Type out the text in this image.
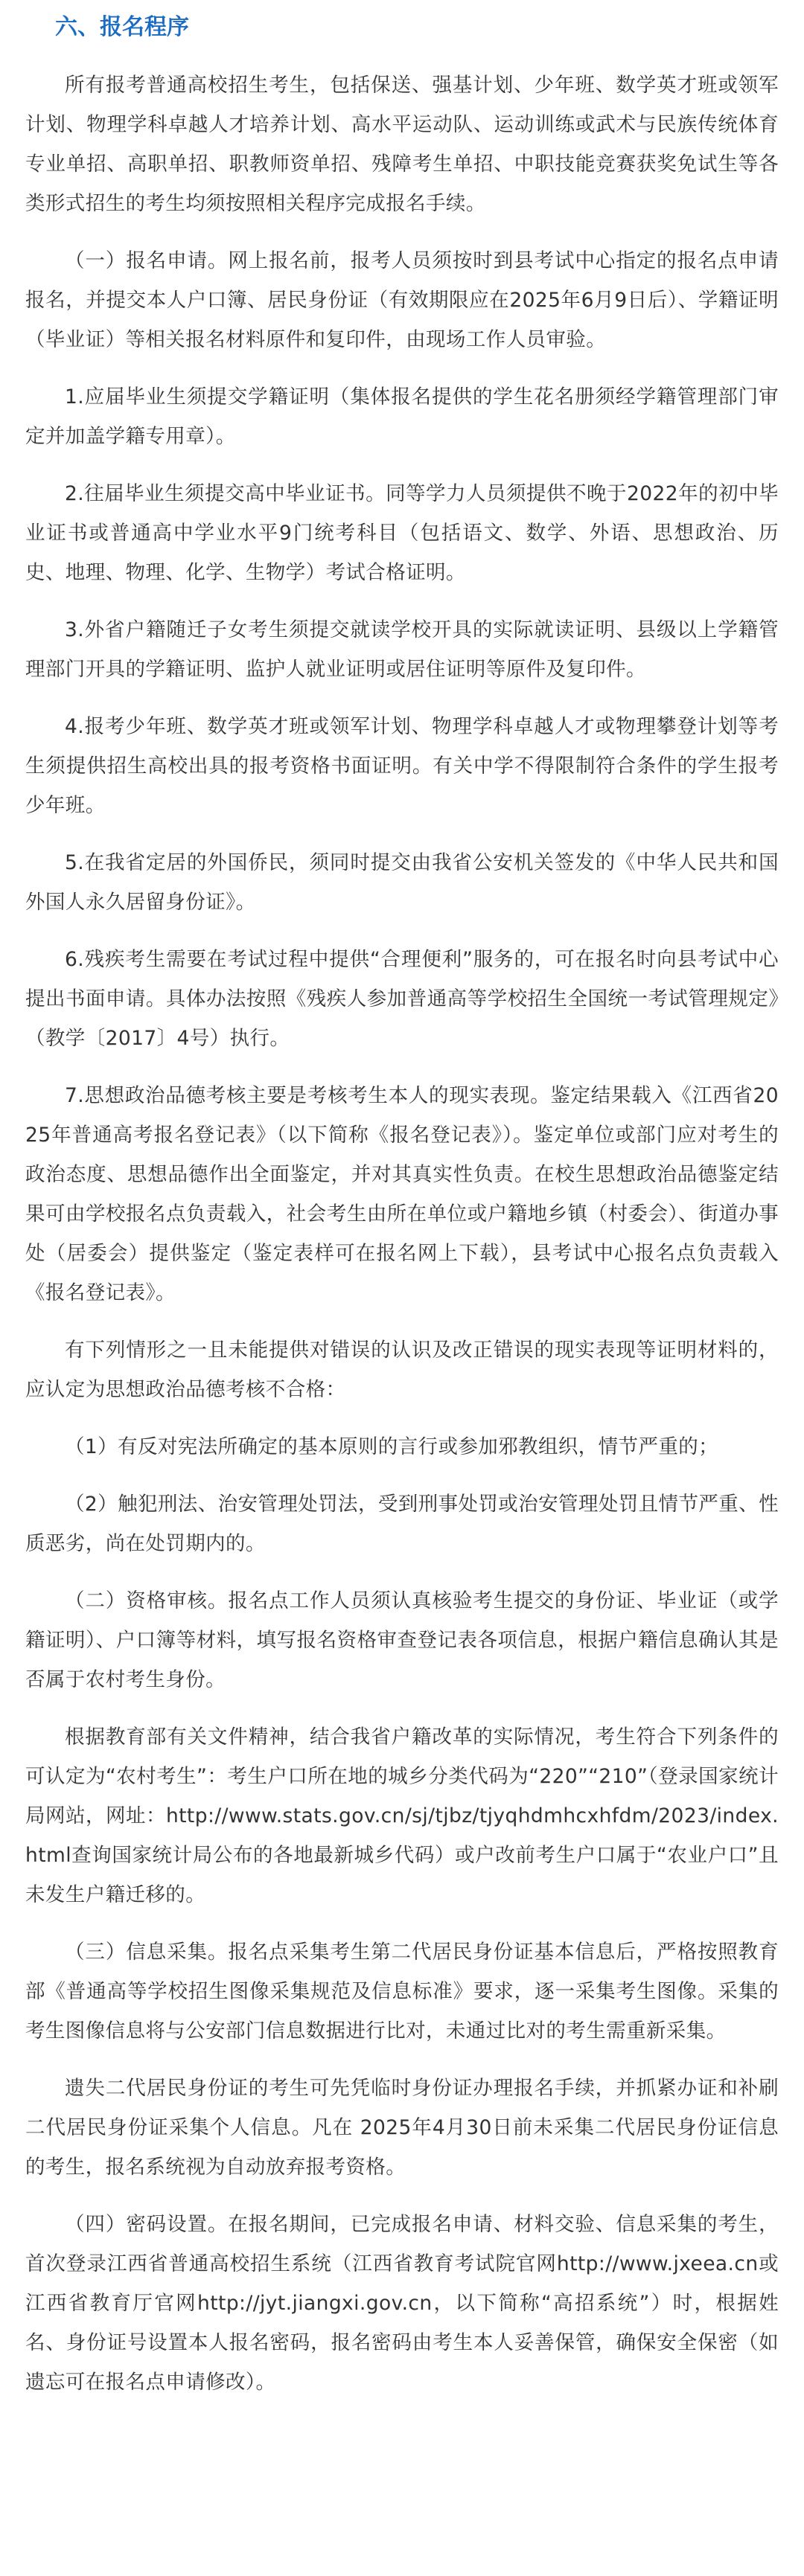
六、报名程序

所有报考普通高校招生考生，包括保送、强基计划、少年班、数学英才班或领军计划、物理学科卓越人才培养计划、高水平运动队、运动训练或武术与民族传统体育专业单招、高职单招、职教师资单招、残障考生单招、中职技能竞赛获奖免试生等各类形式招生的考生均须按照相关程序完成报名手续。

（一）报名申请。网上报名前，报考人员须按时到县考试中心指定的报名点申请报名，并提交本人户口簿、居民身份证（有效期限应在2025年6月9日后）、学籍证明（毕业证）等相关报名材料原件和复印件，由现场工作人员审验。

1.应届毕业生须提交学籍证明（集体报名提供的学生花名册须经学籍管理部门审定并加盖学籍专用章）。

2.往届毕业生须提交高中毕业证书。同等学力人员须提供不晚于2022年的初中毕业证书或普通高中学业水平9门统考科目（包括语文、数学、外语、思想政治、历史、地理、物理、化学、生物学）考试合格证明。

3.外省户籍随迁子女考生须提交就读学校开具的实际就读证明、县级以上学籍管理部门开具的学籍证明、监护人就业证明或居住证明等原件及复印件。

4.报考少年班、数学英才班或领军计划、物理学科卓越人才或物理攀登计划等考生须提供招生高校出具的报考资格书面证明。有关中学不得限制符合条件的学生报考少年班。

5.在我省定居的外国侨民，须同时提交由我省公安机关签发的《中华人民共和国外国人永久居留身份证》。

6.残疾考生需要在考试过程中提供“合理便利”服务的，可在报名时向县考试中心提出书面申请。具体办法按照《残疾人参加普通高等学校招生全国统一考试管理规定》（教学〔2017〕4号）执行。

7.思想政治品德考核主要是考核考生本人的现实表现。鉴定结果载入《江西省2025年普通高考报名登记表》（以下简称《报名登记表》）。鉴定单位或部门应对考生的政治态度、思想品德作出全面鉴定，并对其真实性负责。在校生思想政治品德鉴定结果可由学校报名点负责载入，社会考生由所在单位或户籍地乡镇（村委会）、街道办事处（居委会）提供鉴定（鉴定表样可在报名网上下载），县考试中心报名点负责载入《报名登记表》。

有下列情形之一且未能提供对错误的认识及改正错误的现实表现等证明材料的，应认定为思想政治品德考核不合格：

（1）有反对宪法所确定的基本原则的言行或参加邪教组织，情节严重的；

（2）触犯刑法、治安管理处罚法，受到刑事处罚或治安管理处罚且情节严重、性质恶劣，尚在处罚期内的。

（二）资格审核。报名点工作人员须认真核验考生提交的身份证、毕业证（或学籍证明）、户口簿等材料，填写报名资格审查登记表各项信息，根据户籍信息确认其是否属于农村考生身份。

根据教育部有关文件精神，结合我省户籍改革的实际情况，考生符合下列条件的可认定为“农村考生”：考生户口所在地的城乡分类代码为“220”“210”（登录国家统计局网站，网址：http://www.stats.gov.cn/sj/tjbz/tjyqhdmhcxhfdm/2023/index.html查询国家统计局公布的各地最新城乡代码）或户改前考生户口属于“农业户口”且未发生户籍迁移的。

（三）信息采集。报名点采集考生第二代居民身份证基本信息后，严格按照教育部《普通高等学校招生图像采集规范及信息标准》要求，逐一采集考生图像。采集的考生图像信息将与公安部门信息数据进行比对，未通过比对的考生需重新采集。

遗失二代居民身份证的考生可先凭临时身份证办理报名手续，并抓紧办证和补刷二代居民身份证采集个人信息。凡在 2025年4月30日前未采集二代居民身份证信息的考生，报名系统视为自动放弃报考资格。

（四）密码设置。在报名期间，已完成报名申请、材料交验、信息采集的考生，首次登录江西省普通高校招生系统（江西省教育考试院官网http://www.jxeea.cn或江西省教育厅官网http://jyt.jiangxi.gov.cn，以下简称“高招系统”）时，根据姓名、身份证号设置本人报名密码，报名密码由考生本人妥善保管，确保安全保密（如遗忘可在报名点申请修改）。
